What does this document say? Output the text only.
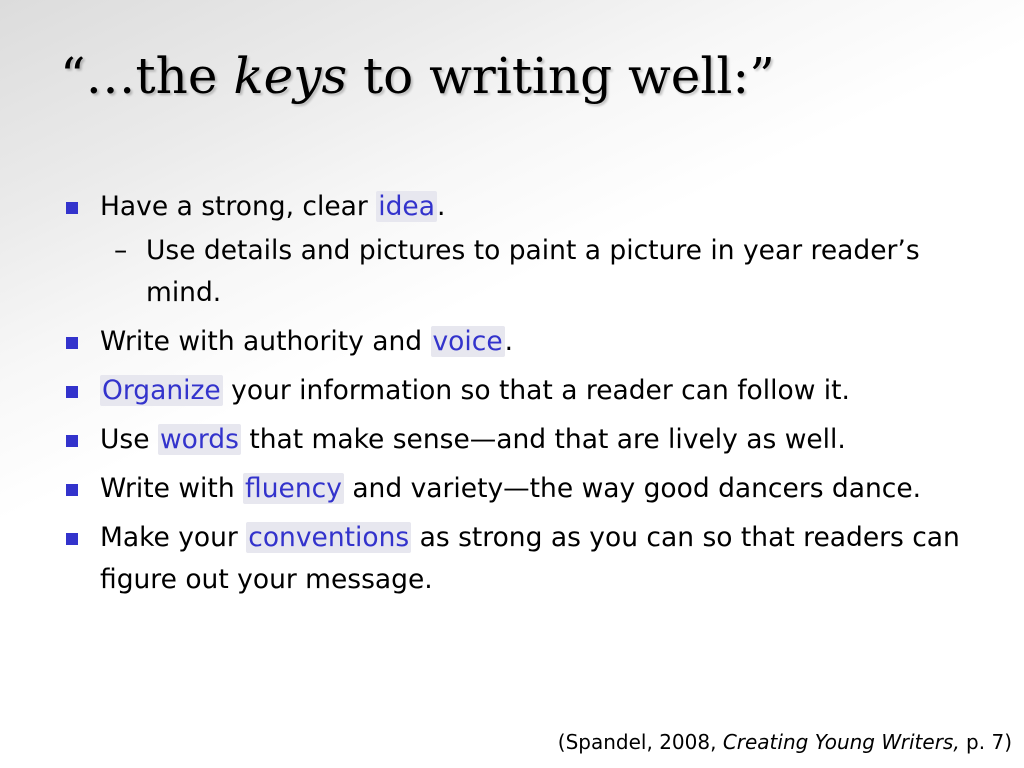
“…the keys to writing well:”
Have a strong, clear idea.
– Use details and pictures to paint a picture in year reader’s mind.
Write with authority and voice.
Organize your information so that a reader can follow it.
Use words that make sense—and that are lively as well.
Write with fluency and variety—the way good dancers dance.
Make your conventions as strong as you can so that readers can figure out your message.

(Spandel, 2008, Creating Young Writers, p. 7)
